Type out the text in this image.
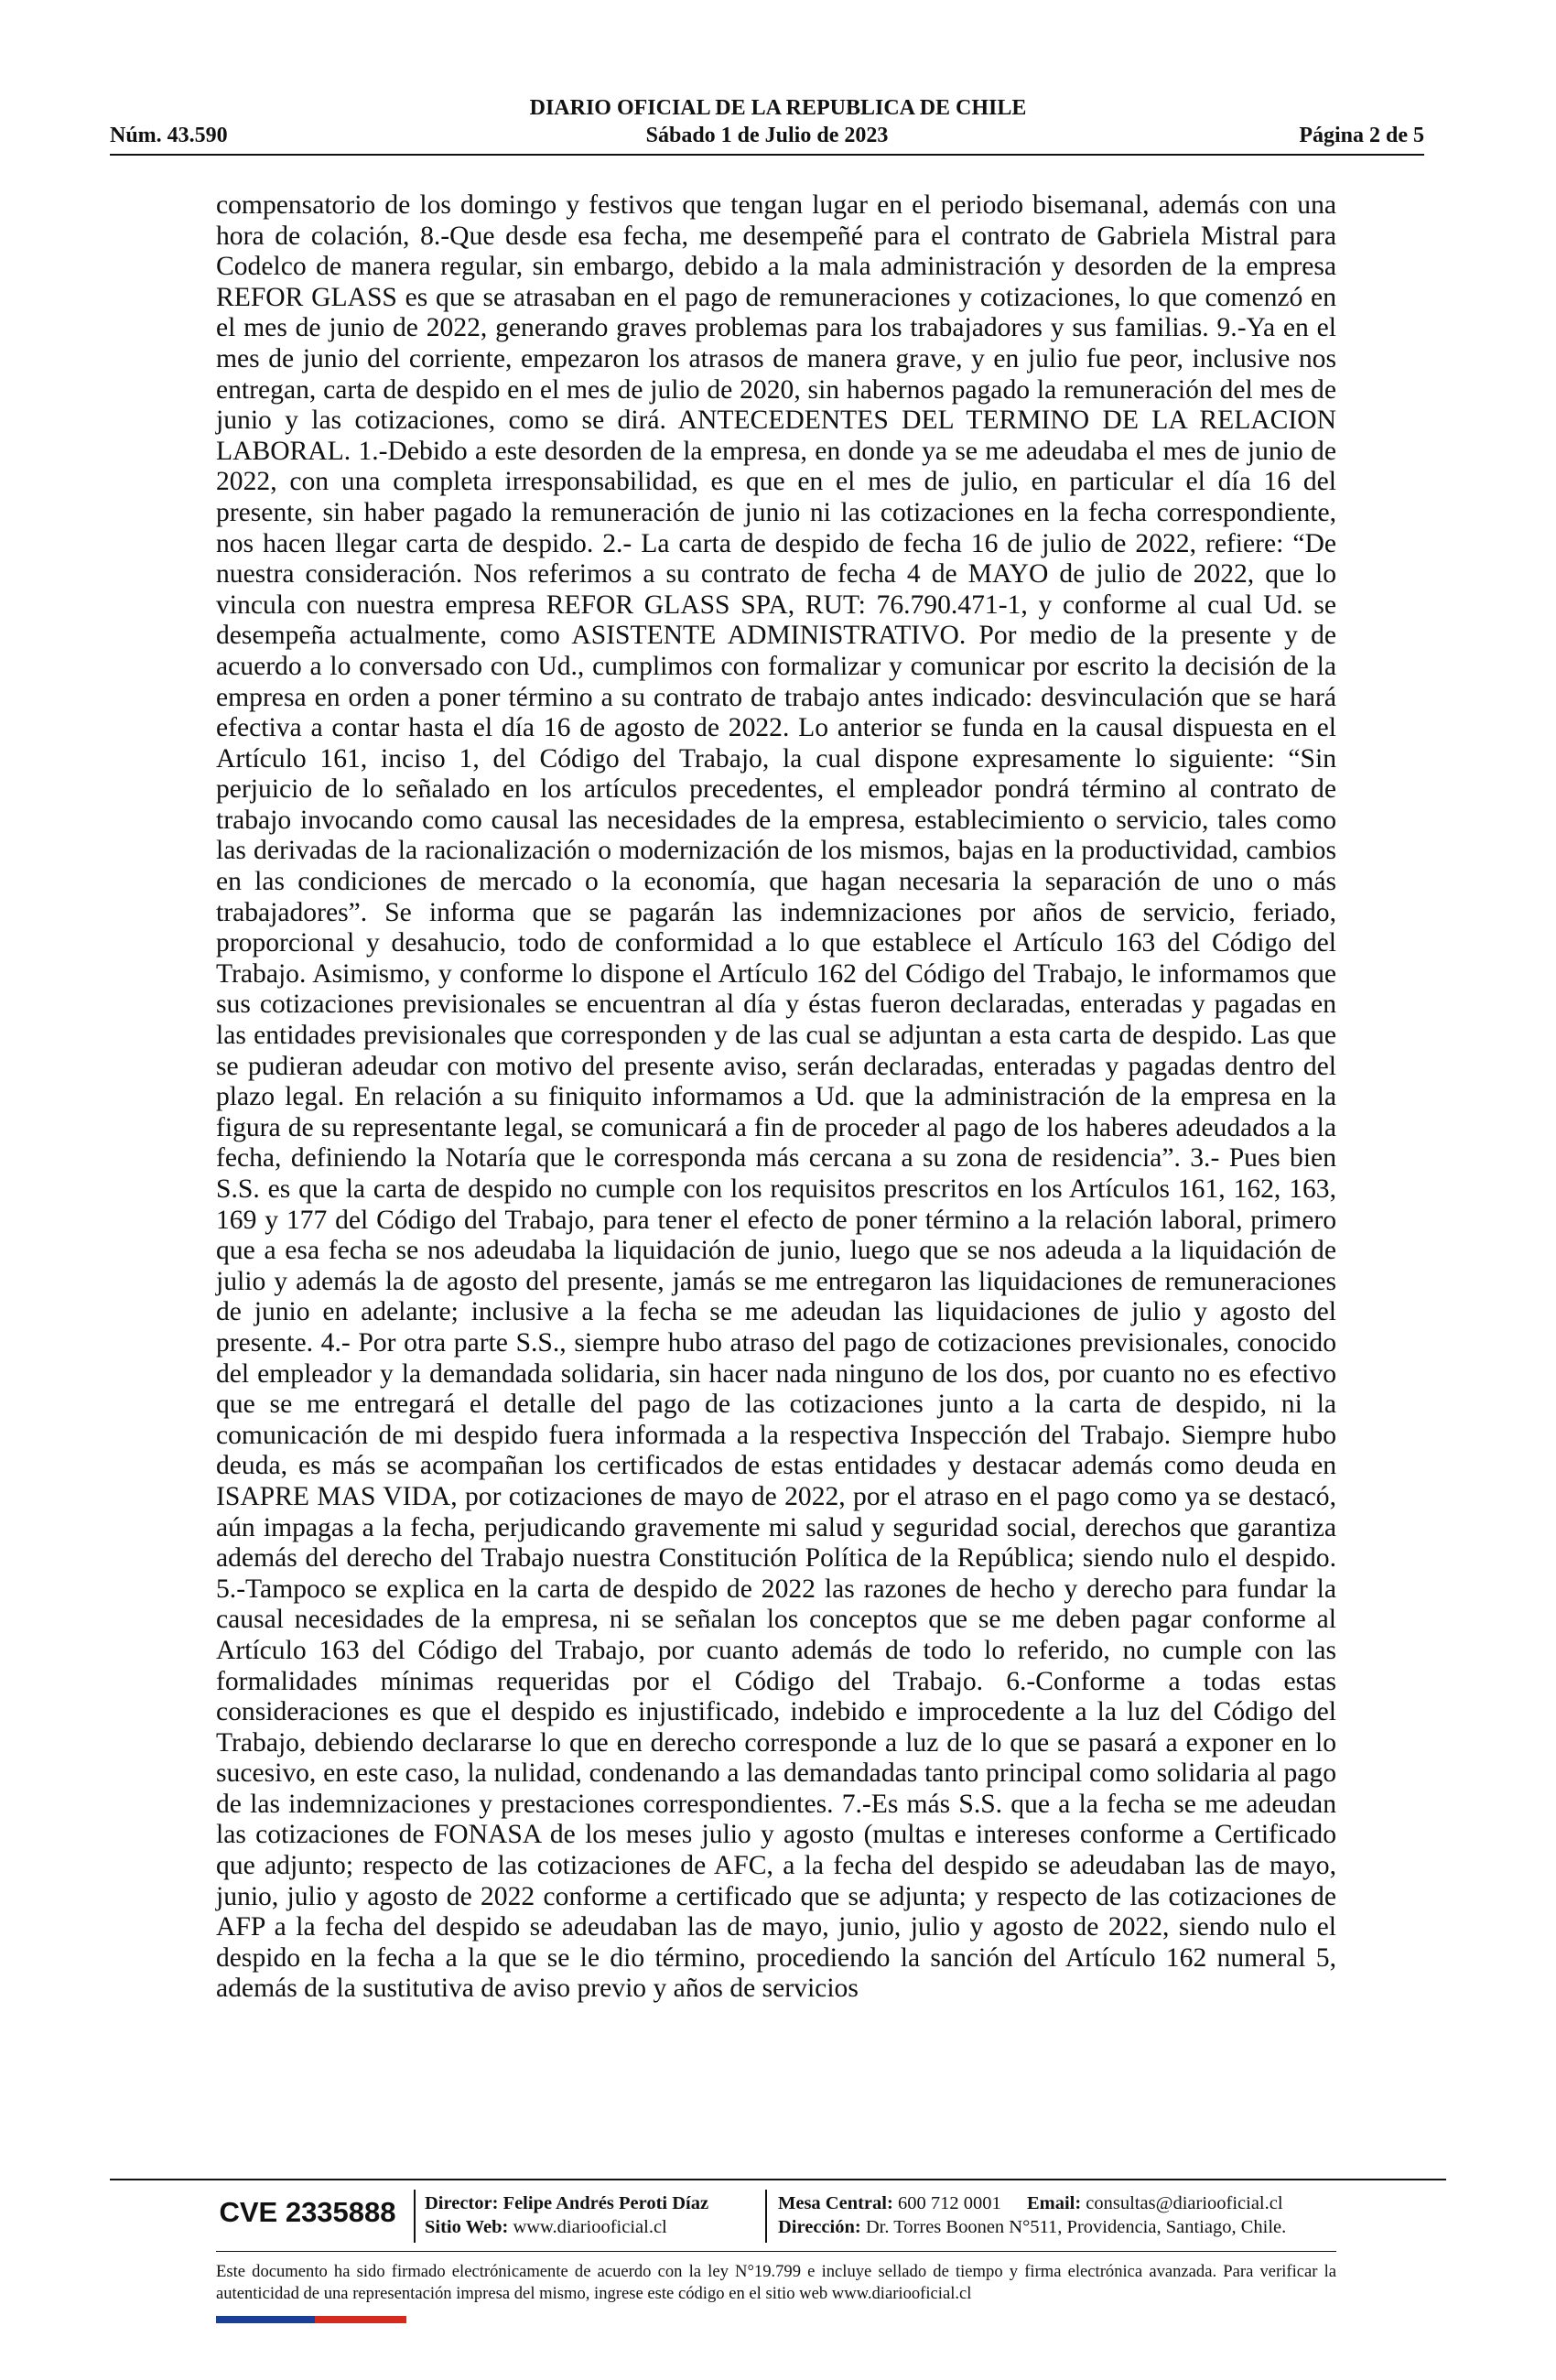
DIARIO OFICIAL DE LA REPUBLICA DE CHILE
Núm. 43.590	Sábado 1 de Julio de 2023	Página 2 de 5

compensatorio de los domingo y festivos que tengan lugar en el periodo bisemanal, además con una hora de colación, 8.-Que desde esa fecha, me desempeñé para el contrato de Gabriela Mistral para Codelco de manera regular, sin embargo, debido a la mala administración y desorden de la empresa REFOR GLASS es que se atrasaban en el pago de remuneraciones y cotizaciones, lo que comenzó en el mes de junio de 2022, generando graves problemas para los trabajadores y sus familias. 9.-Ya en el mes de junio del corriente, empezaron los atrasos de manera grave, y en julio fue peor, inclusive nos entregan, carta de despido en el mes de julio de 2020, sin habernos pagado la remuneración del mes de junio y las cotizaciones, como se dirá. ANTECEDENTES DEL TERMINO DE LA RELACION LABORAL. 1.-Debido a este desorden de la empresa, en donde ya se me adeudaba el mes de junio de 2022, con una completa irresponsabilidad, es que en el mes de julio, en particular el día 16 del presente, sin haber pagado la remuneración de junio ni las cotizaciones en la fecha correspondiente, nos hacen llegar carta de despido. 2.- La carta de despido de fecha 16 de julio de 2022, refiere: “De nuestra consideración. Nos referimos a su contrato de fecha 4 de MAYO de julio de 2022, que lo vincula con nuestra empresa REFOR GLASS SPA, RUT: 76.790.471-1, y conforme al cual Ud. se desempeña actualmente, como ASISTENTE ADMINISTRATIVO. Por medio de la presente y de acuerdo a lo conversado con Ud., cumplimos con formalizar y comunicar por escrito la decisión de la empresa en orden a poner término a su contrato de trabajo antes indicado: desvinculación que se hará efectiva a contar hasta el día 16 de agosto de 2022. Lo anterior se funda en la causal dispuesta en el Artículo 161, inciso 1, del Código del Trabajo, la cual dispone expresamente lo siguiente: “Sin perjuicio de lo señalado en los artículos precedentes, el empleador pondrá término al contrato de trabajo invocando como causal las necesidades de la empresa, establecimiento o servicio, tales como las derivadas de la racionalización o modernización de los mismos, bajas en la productividad, cambios en las condiciones de mercado o la economía, que hagan necesaria la separación de uno o más trabajadores”. Se informa que se pagarán las indemnizaciones por años de servicio, feriado, proporcional y desahucio, todo de conformidad a lo que establece el Artículo 163 del Código del Trabajo. Asimismo, y conforme lo dispone el Artículo 162 del Código del Trabajo, le informamos que sus cotizaciones previsionales se encuentran al día y éstas fueron declaradas, enteradas y pagadas en las entidades previsionales que corresponden y de las cual se adjuntan a esta carta de despido. Las que se pudieran adeudar con motivo del presente aviso, serán declaradas, enteradas y pagadas dentro del plazo legal. En relación a su finiquito informamos a Ud. que la administración de la empresa en la figura de su representante legal, se comunicará a fin de proceder al pago de los haberes adeudados a la fecha, definiendo la Notaría que le corresponda más cercana a su zona de residencia”. 3.- Pues bien S.S. es que la carta de despido no cumple con los requisitos prescritos en los Artículos 161, 162, 163, 169 y 177 del Código del Trabajo, para tener el efecto de poner término a la relación laboral, primero que a esa fecha se nos adeudaba la liquidación de junio, luego que se nos adeuda a la liquidación de julio y además la de agosto del presente, jamás se me entregaron las liquidaciones de remuneraciones de junio en adelante; inclusive a la fecha se me adeudan las liquidaciones de julio y agosto del presente. 4.- Por otra parte S.S., siempre hubo atraso del pago de cotizaciones previsionales, conocido del empleador y la demandada solidaria, sin hacer nada ninguno de los dos, por cuanto no es efectivo que se me entregará el detalle del pago de las cotizaciones junto a la carta de despido, ni la comunicación de mi despido fuera informada a la respectiva Inspección del Trabajo. Siempre hubo deuda, es más se acompañan los certificados de estas entidades y destacar además como deuda en ISAPRE MAS VIDA, por cotizaciones de mayo de 2022, por el atraso en el pago como ya se destacó, aún impagas a la fecha, perjudicando gravemente mi salud y seguridad social, derechos que garantiza además del derecho del Trabajo nuestra Constitución Política de la República; siendo nulo el despido. 5.-Tampoco se explica en la carta de despido de 2022 las razones de hecho y derecho para fundar la causal necesidades de la empresa, ni se señalan los conceptos que se me deben pagar conforme al Artículo 163 del Código del Trabajo, por cuanto además de todo lo referido, no cumple con las formalidades mínimas requeridas por el Código del Trabajo. 6.-Conforme a todas estas consideraciones es que el despido es injustificado, indebido e improcedente a la luz del Código del Trabajo, debiendo declararse lo que en derecho corresponde a luz de lo que se pasará a exponer en lo sucesivo, en este caso, la nulidad, condenando a las demandadas tanto principal como solidaria al pago de las indemnizaciones y prestaciones correspondientes. 7.-Es más S.S. que a la fecha se me adeudan las cotizaciones de FONASA de los meses julio y agosto (multas e intereses conforme a Certificado que adjunto; respecto de las cotizaciones de AFC, a la fecha del despido se adeudaban las de mayo, junio, julio y agosto de 2022 conforme a certificado que se adjunta; y respecto de las cotizaciones de AFP a la fecha del despido se adeudaban las de mayo, junio, julio y agosto de 2022, siendo nulo el despido en la fecha a la que se le dio término, procediendo la sanción del Artículo 162 numeral 5, además de la sustitutiva de aviso previo y años de servicios

CVE 2335888	Director: Felipe Andrés Peroti Díaz
Sitio Web: www.diariooficial.cl
Mesa Central: 600 712 0001 Email: consultas@diariooficial.cl
Dirección: Dr. Torres Boonen N°511, Providencia, Santiago, Chile.

Este documento ha sido firmado electrónicamente de acuerdo con la ley N°19.799 e incluye sellado de tiempo y firma electrónica avanzada. Para verificar la autenticidad de una representación impresa del mismo, ingrese este código en el sitio web www.diariooficial.cl
